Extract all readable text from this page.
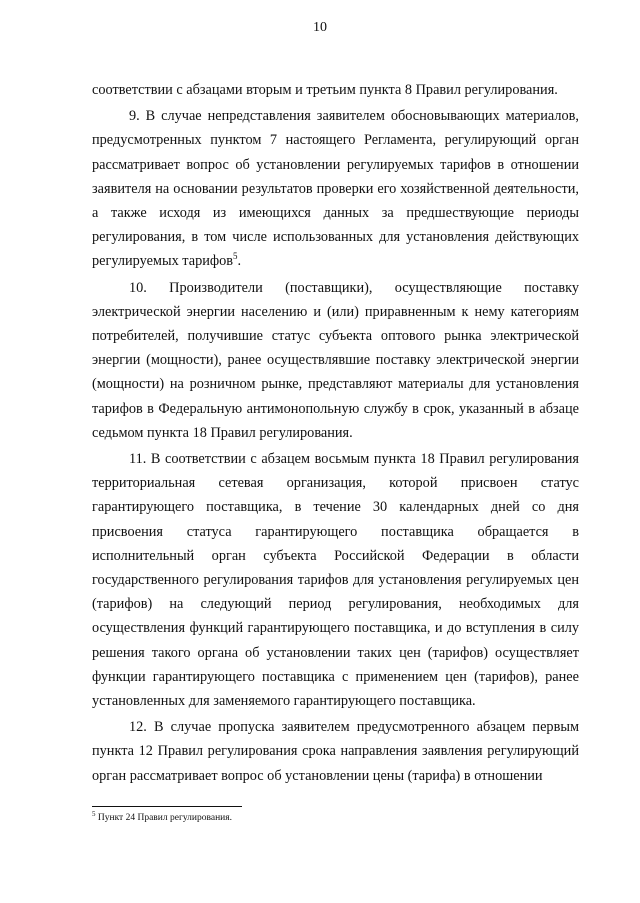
10

соответствии с абзацами вторым и третьим пункта 8 Правил регулирования.

9. В случае непредставления заявителем обосновывающих материалов, предусмотренных пунктом 7 настоящего Регламента, регулирующий орган рассматривает вопрос об установлении регулируемых тарифов в отношении заявителя на основании результатов проверки его хозяйственной деятельности, а также исходя из имеющихся данных за предшествующие периоды регулирования, в том числе использованных для установления действующих регулируемых тарифов$^5$.

10. Производители (поставщики), осуществляющие поставку электрической энергии населению и (или) приравненным к нему категориям потребителей, получившие статус субъекта оптового рынка электрической энергии (мощности), ранее осуществлявшие поставку электрической энергии (мощности) на розничном рынке, представляют материалы для установления тарифов в Федеральную антимонопольную службу в срок, указанный в абзаце седьмом пункта 18 Правил регулирования.

11. В соответствии с абзацем восьмым пункта 18 Правил регулирования территориальная сетевая организация, которой присвоен статус гарантирующего поставщика, в течение 30 календарных дней со дня присвоения статуса гарантирующего поставщика обращается в исполнительный орган субъекта Российской Федерации в области государственного регулирования тарифов для установления регулируемых цен (тарифов) на следующий период регулирования, необходимых для осуществления функций гарантирующего поставщика, и до вступления в силу решения такого органа об установлении таких цен (тарифов) осуществляет функции гарантирующего поставщика с применением цен (тарифов), ранее установленных для заменяемого гарантирующего поставщика.

12. В случае пропуска заявителем предусмотренного абзацем первым пункта 12 Правил регулирования срока направления заявления регулирующий орган рассматривает вопрос об установлении цены (тарифа) в отношении

$^5$ Пункт 24 Правил регулирования.
